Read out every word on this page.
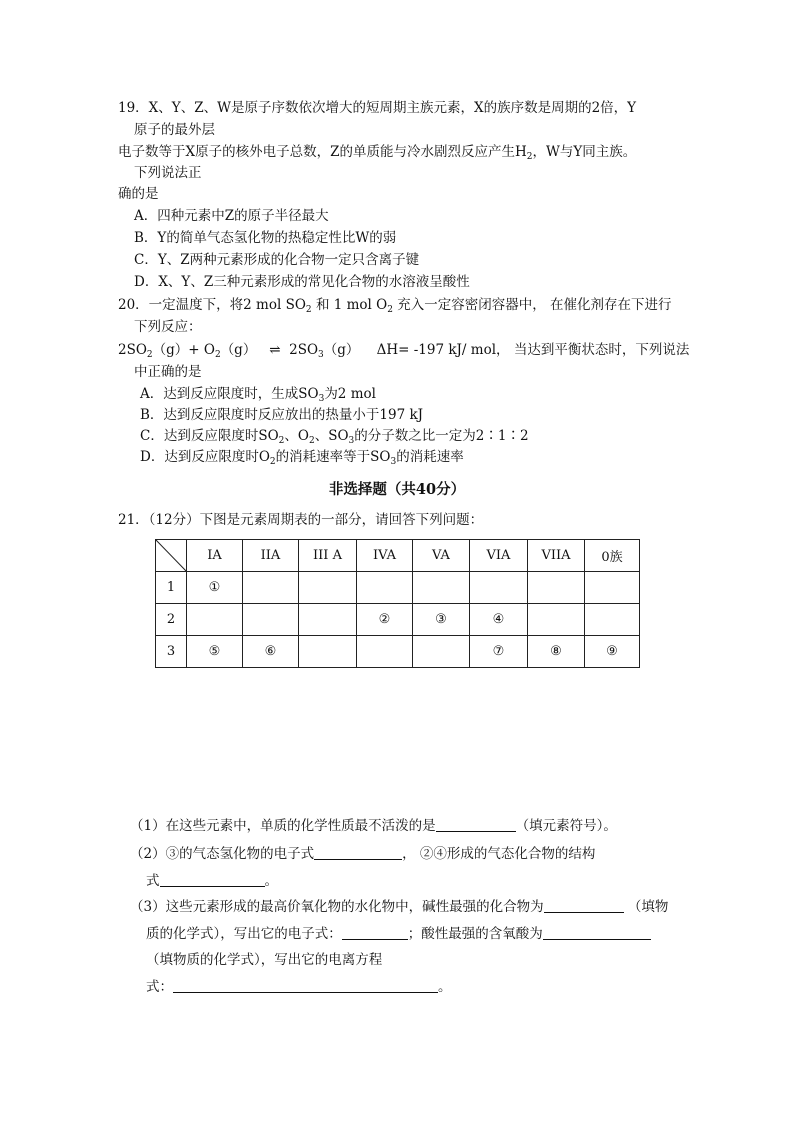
19．X、Y、Z、W是原子序数依次增大的短周期主族元素，X的族序数是周期的2倍，Y
原子的最外层
电子数等于X原子的核外电子总数，Z的单质能与冷水剧烈反应产生$H_2$，W与Y同主族。
下列说法正
确的是
A．四种元素中Z的原子半径最大
B．Y的简单气态氢化物的热稳定性比W的弱
C．Y、Z两种元素形成的化合物一定只含离子键
D．X、Y、Z三种元素形成的常见化合物的水溶液呈酸性
20．一定温度下，将2 mol $SO_2$ 和 1 mol $O_2$ 充入一定容密闭容器中， 在催化剂存在下进行
下列反应：
$2SO_2(g)+ O_2(g)$ ⇌ $2SO_3(g)$ ΔH= -197 kJ/ mol， 当达到平衡状态时，下列说法
中正确的是
A．达到反应限度时，生成$SO_3$为2 mol
B．达到反应限度时反应放出的热量小于197 kJ
C．达到反应限度时$SO_2$、$O_2$、$SO_3$的分子数之比一定为2∶1∶2
D．达到反应限度时$O_2$的消耗速率等于$SO_3$的消耗速率
非选择题（共40分）
21．（12分）下图是元素周期表的一部分，请回答下列问题：
	IA	IIA	III A	IVA	VA	VIA	VIIA	0族
1	①							
2				②	③	④		
3	⑤	⑥				⑦	⑧	⑨
（1）在这些元素中，单质的化学性质最不活泼的是	（填元素符号）。
（2）③的气态氢化物的电子式	， ②④形成的气态化合物的结构
式	。
（3）这些元素形成的最高价氧化物的水化物中，碱性最强的化合物为	（填物
质的化学式），写出它的电子式：	；酸性最强的含氧酸为
（填物质的化学式），写出它的电离方程
式：	。
